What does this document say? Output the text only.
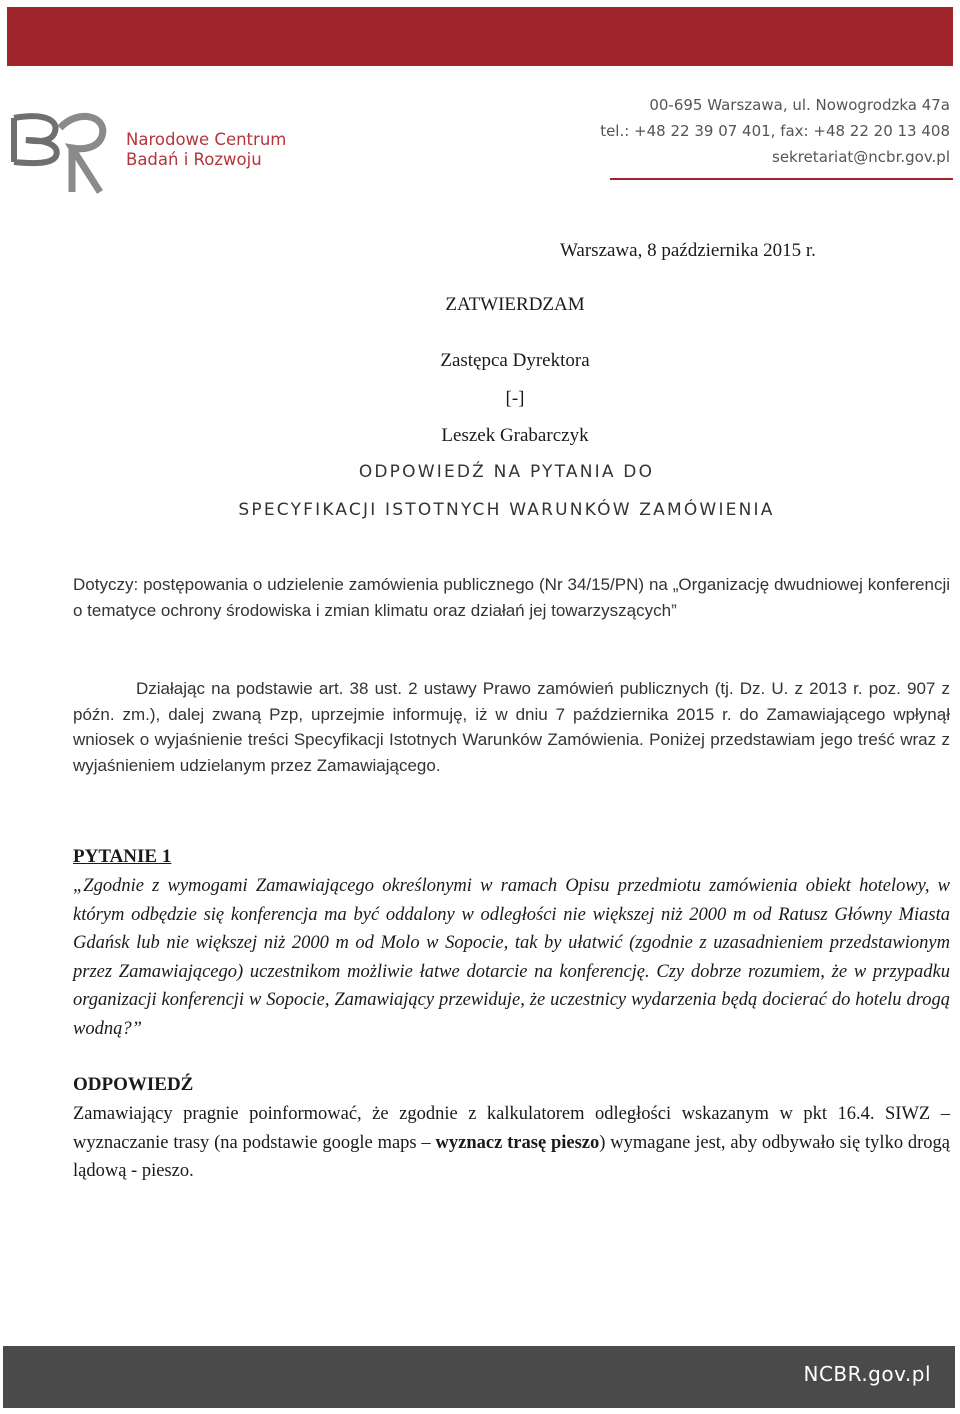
Narodowe Centrum
Badań i Rozwoju
00-695 Warszawa, ul. Nowogrodzka 47a
tel.: +48 22 39 07 401, fax: +48 22 20 13 408
sekretariat@ncbr.gov.pl
Warszawa, 8 października 2015 r.
ZATWIERDZAM
Zastępca Dyrektora
[-]
Leszek Grabarczyk
ODPOWIEDŹ NA PYTANIA DO
SPECYFIKACJI ISTOTNYCH WARUNKÓW ZAMÓWIENIA
Dotyczy: postępowania o udzielenie zamówienia publicznego (Nr 34/15/PN) na „Organizację dwudniowej konferencji o tematyce ochrony środowiska i zmian klimatu oraz działań jej towarzyszących”
Działając na podstawie art. 38 ust. 2 ustawy Prawo zamówień publicznych (tj. Dz. U. z 2013 r. poz. 907 z późn. zm.), dalej zwaną Pzp, uprzejmie informuję, iż w dniu 7 października 2015 r. do Zamawiającego wpłynął wniosek o wyjaśnienie treści Specyfikacji Istotnych Warunków Zamówienia. Poniżej przedstawiam jego treść wraz z wyjaśnieniem udzielanym przez Zamawiającego.
PYTANIE 1
„Zgodnie z wymogami Zamawiającego określonymi w ramach Opisu przedmiotu zamówienia obiekt hotelowy, w którym odbędzie się konferencja ma być oddalony w odległości nie większej niż 2000 m od Ratusz Główny Miasta Gdańsk lub nie większej niż 2000 m od Molo w Sopocie, tak by ułatwić (zgodnie z uzasadnieniem przedstawionym przez Zamawiającego) uczestnikom możliwie łatwe dotarcie na konferencję. Czy dobrze rozumiem, że w przypadku organizacji konferencji w Sopocie, Zamawiający przewiduje, że uczestnicy wydarzenia będą docierać do hotelu drogą wodną?”
ODPOWIEDŹ
Zamawiający pragnie poinformować, że zgodnie z kalkulatorem odległości wskazanym w pkt 16.4. SIWZ – wyznaczanie trasy (na podstawie google maps – wyznacz trasę pieszo) wymagane jest, aby odbywało się tylko drogą lądową - pieszo.
NCBR.gov.pl
